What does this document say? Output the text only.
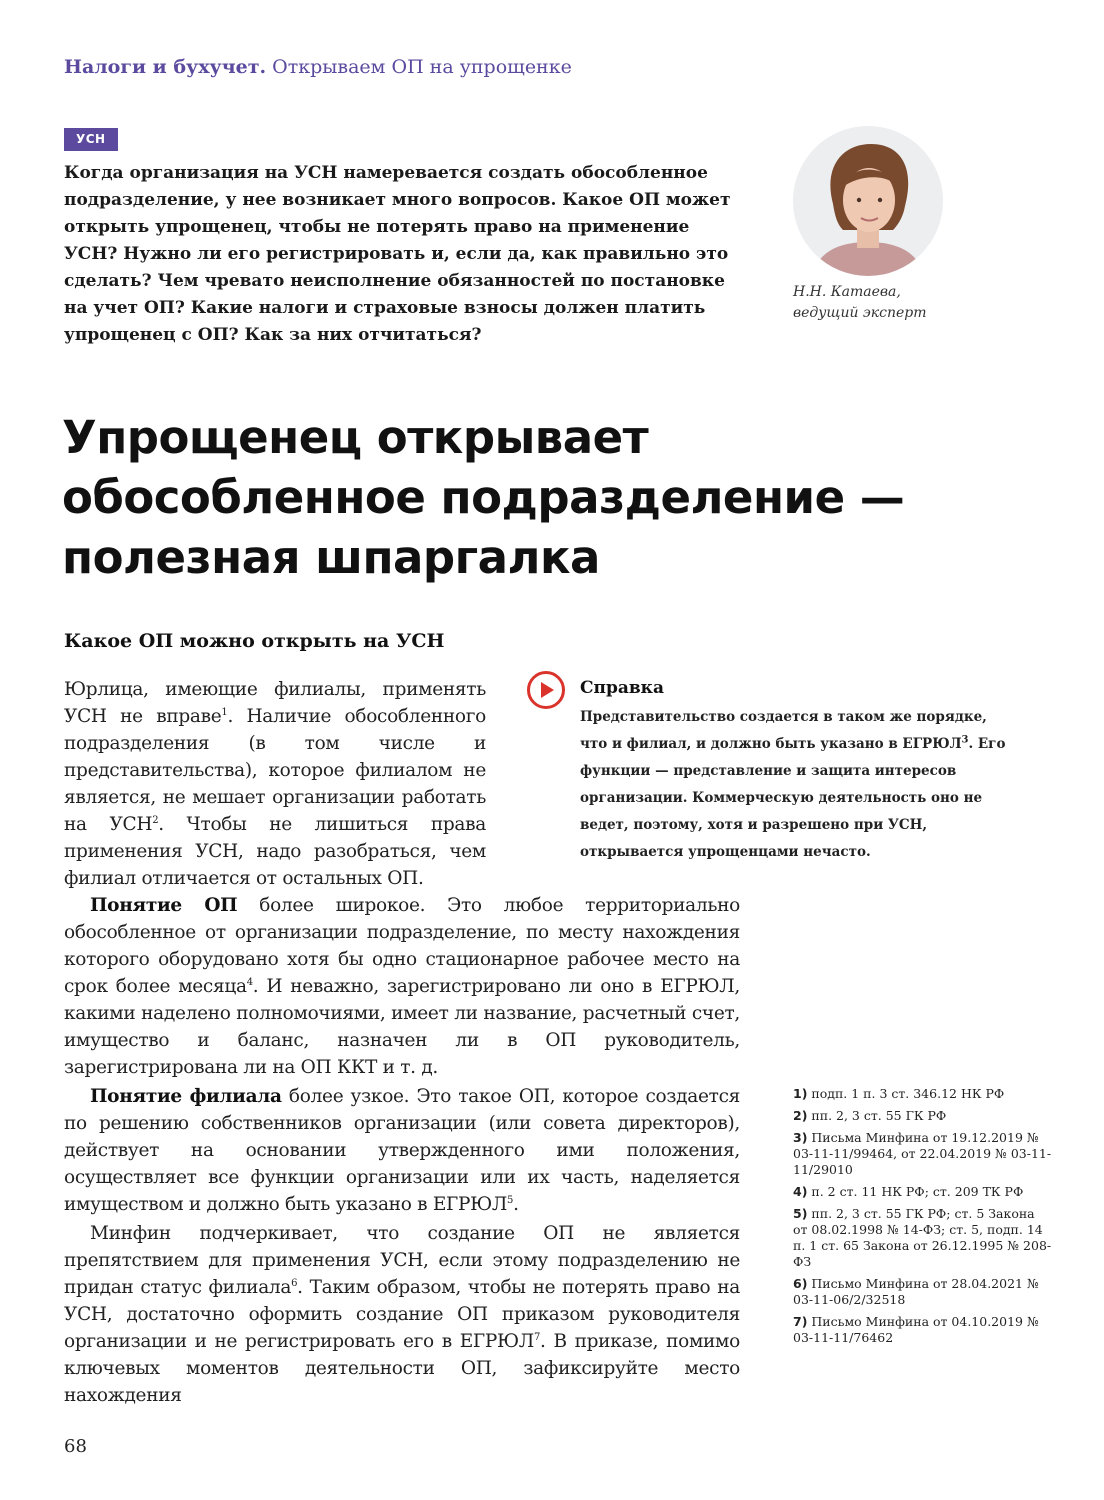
Налоги и бухучет. Открываем ОП на упрощенке
УСН

Когда организация на УСН намеревается создать обособленное подразделение, у нее возникает много вопросов. Какое ОП может открыть упрощенец, чтобы не потерять право на применение УСН? Нужно ли его регистрировать и, если да, как правильно это сделать? Чем чревато неисполнение обязанностей по постановке на учет ОП? Какие налоги и страховые взносы должен платить упрощенец с ОП? Как за них отчитаться?

Н.Н. Катаева,
ведущий эксперт
Упрощенец открывает
обособленное подразделение —
полезная шпаргалка
Какое ОП можно открыть на УСН

Юрлица, имеющие филиалы, применять УСН не вправе$^1$. Наличие обособленного подразделения (в том числе и представительства), которое филиалом не является, не мешает организации работать на УСН$^2$. Чтобы не лишиться права применения УСН, надо разобраться, чем филиал отличается от остальных ОП.

Справка

Представительство создается в таком же порядке, что и филиал, и должно быть указано в ЕГРЮЛ$^3$. Его функции — представление и защита интересов организации. Коммерческую деятельность оно не ведет, поэтому, хотя и разрешено при УСН, открывается упрощенцами нечасто.

Понятие ОП более широкое. Это любое территориально обособленное от организации подразделение, по месту нахождения которого оборудовано хотя бы одно стационарное рабочее место на срок более месяца$^4$. И неважно, зарегистрировано ли оно в ЕГРЮЛ, какими наделено полномочиями, имеет ли название, расчетный счет, имущество и баланс, назначен ли в ОП руководитель, зарегистрирована ли на ОП ККТ и т. д.

Понятие филиала более узкое. Это такое ОП, которое создается по решению собственников организации (или совета директоров), действует на основании утвержденного ими положения, осуществляет все функции организации или их часть, наделяется имуществом и должно быть указано в ЕГРЮЛ$^5$.

Минфин подчеркивает, что создание ОП не является препятствием для применения УСН, если этому подразделению не придан статус филиала$^6$. Таким образом, чтобы не потерять право на УСН, достаточно оформить создание ОП приказом руководителя организации и не регистрировать его в ЕГРЮЛ$^7$. В приказе, помимо ключевых моментов деятельности ОП, зафиксируйте место нахождения

1) подп. 1 п. 3 ст. 346.12 НК РФ
2) пп. 2, 3 ст. 55 ГК РФ
3) Письма Минфина от 19.12.2019 № 03-11-11/99464, от 22.04.2019 № 03-11-11/29010
4) п. 2 ст. 11 НК РФ; ст. 209 ТК РФ
5) пп. 2, 3 ст. 55 ГК РФ; ст. 5 Закона от 08.02.1998 № 14-ФЗ; ст. 5, подп. 14 п. 1 ст. 65 Закона от 26.12.1995 № 208-ФЗ
6) Письмо Минфина от 28.04.2021 № 03-11-06/2/32518
7) Письмо Минфина от 04.10.2019 № 03-11-11/76462
68
